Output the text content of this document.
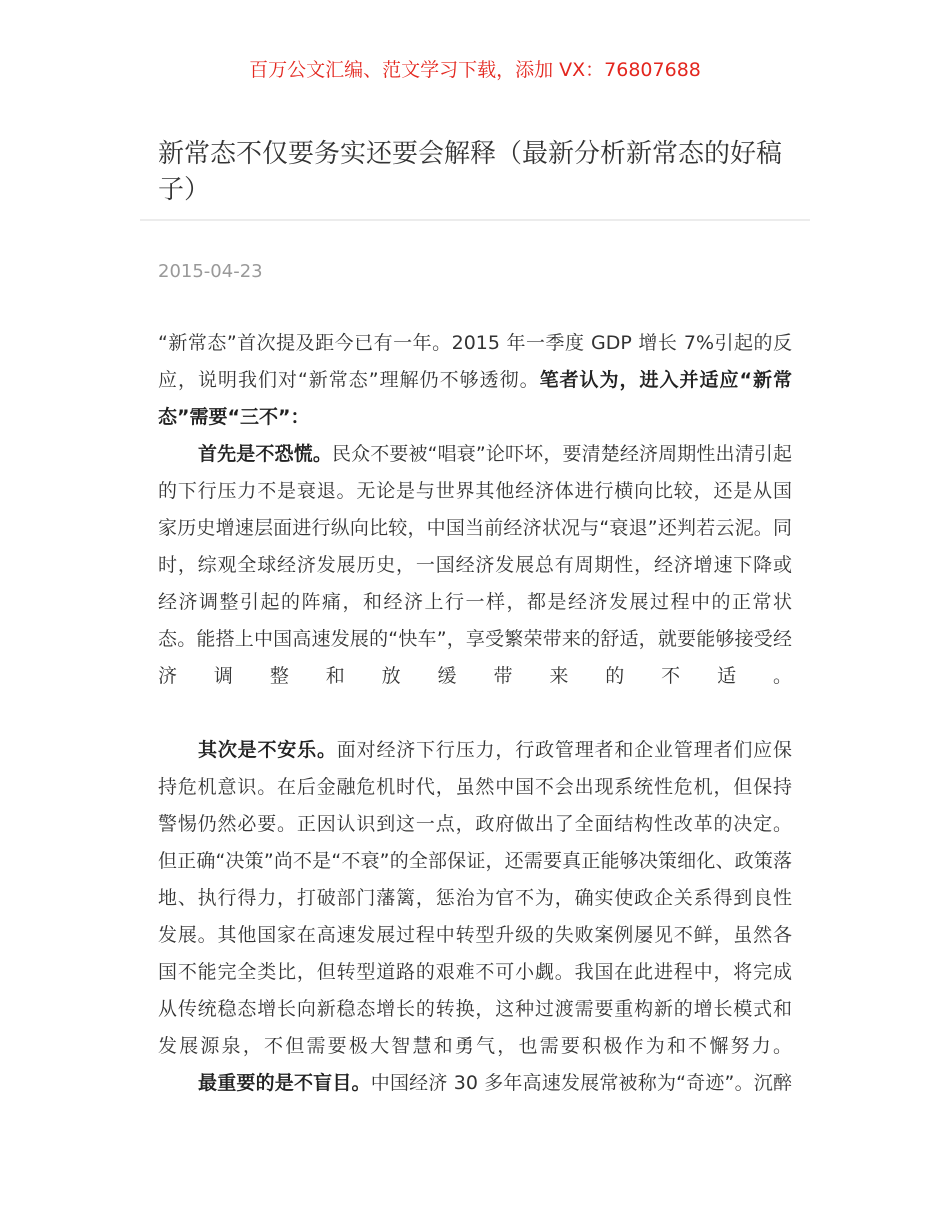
百万公文汇编、范文学习下载，添加 VX：76807688
新常态不仅要务实还要会解释（最新分析新常态的好稿子）
2015-04-23
“新常态”首次提及距今已有一年。2015 年一季度 GDP 增长 7%引起的反
应，说明我们对“新常态”理解仍不够透彻。笔者认为，进入并适应“新常
态”需要“三不”：
首先是不恐慌。民众不要被“唱衰”论吓坏，要清楚经济周期性出清引起
的下行压力不是衰退。无论是与世界其他经济体进行横向比较，还是从国
家历史增速层面进行纵向比较，中国当前经济状况与“衰退”还判若云泥。同
时，综观全球经济发展历史，一国经济发展总有周期性，经济增速下降或
经济调整引起的阵痛，和经济上行一样，都是经济发展过程中的正常状
态。能搭上中国高速发展的“快车”，享受繁荣带来的舒适，就要能够接受经
济 调 整 和 放 缓 带 来 的 不 适 。
其次是不安乐。面对经济下行压力，行政管理者和企业管理者们应保
持危机意识。在后金融危机时代，虽然中国不会出现系统性危机，但保持
警惕仍然必要。正因认识到这一点，政府做出了全面结构性改革的决定。
但正确“决策”尚不是“不衰”的全部保证，还需要真正能够决策细化、政策落
地、执行得力，打破部门藩篱，惩治为官不为，确实使政企关系得到良性
发展。其他国家在高速发展过程中转型升级的失败案例屡见不鲜，虽然各
国不能完全类比，但转型道路的艰难不可小觑。我国在此进程中，将完成
从传统稳态增长向新稳态增长的转换，这种过渡需要重构新的增长模式和
发展源泉，不但需要极大智慧和勇气，也需要积极作为和不懈努力。
最重要的是不盲目。中国经济 30 多年高速发展常被称为“奇迹”。沉醉
